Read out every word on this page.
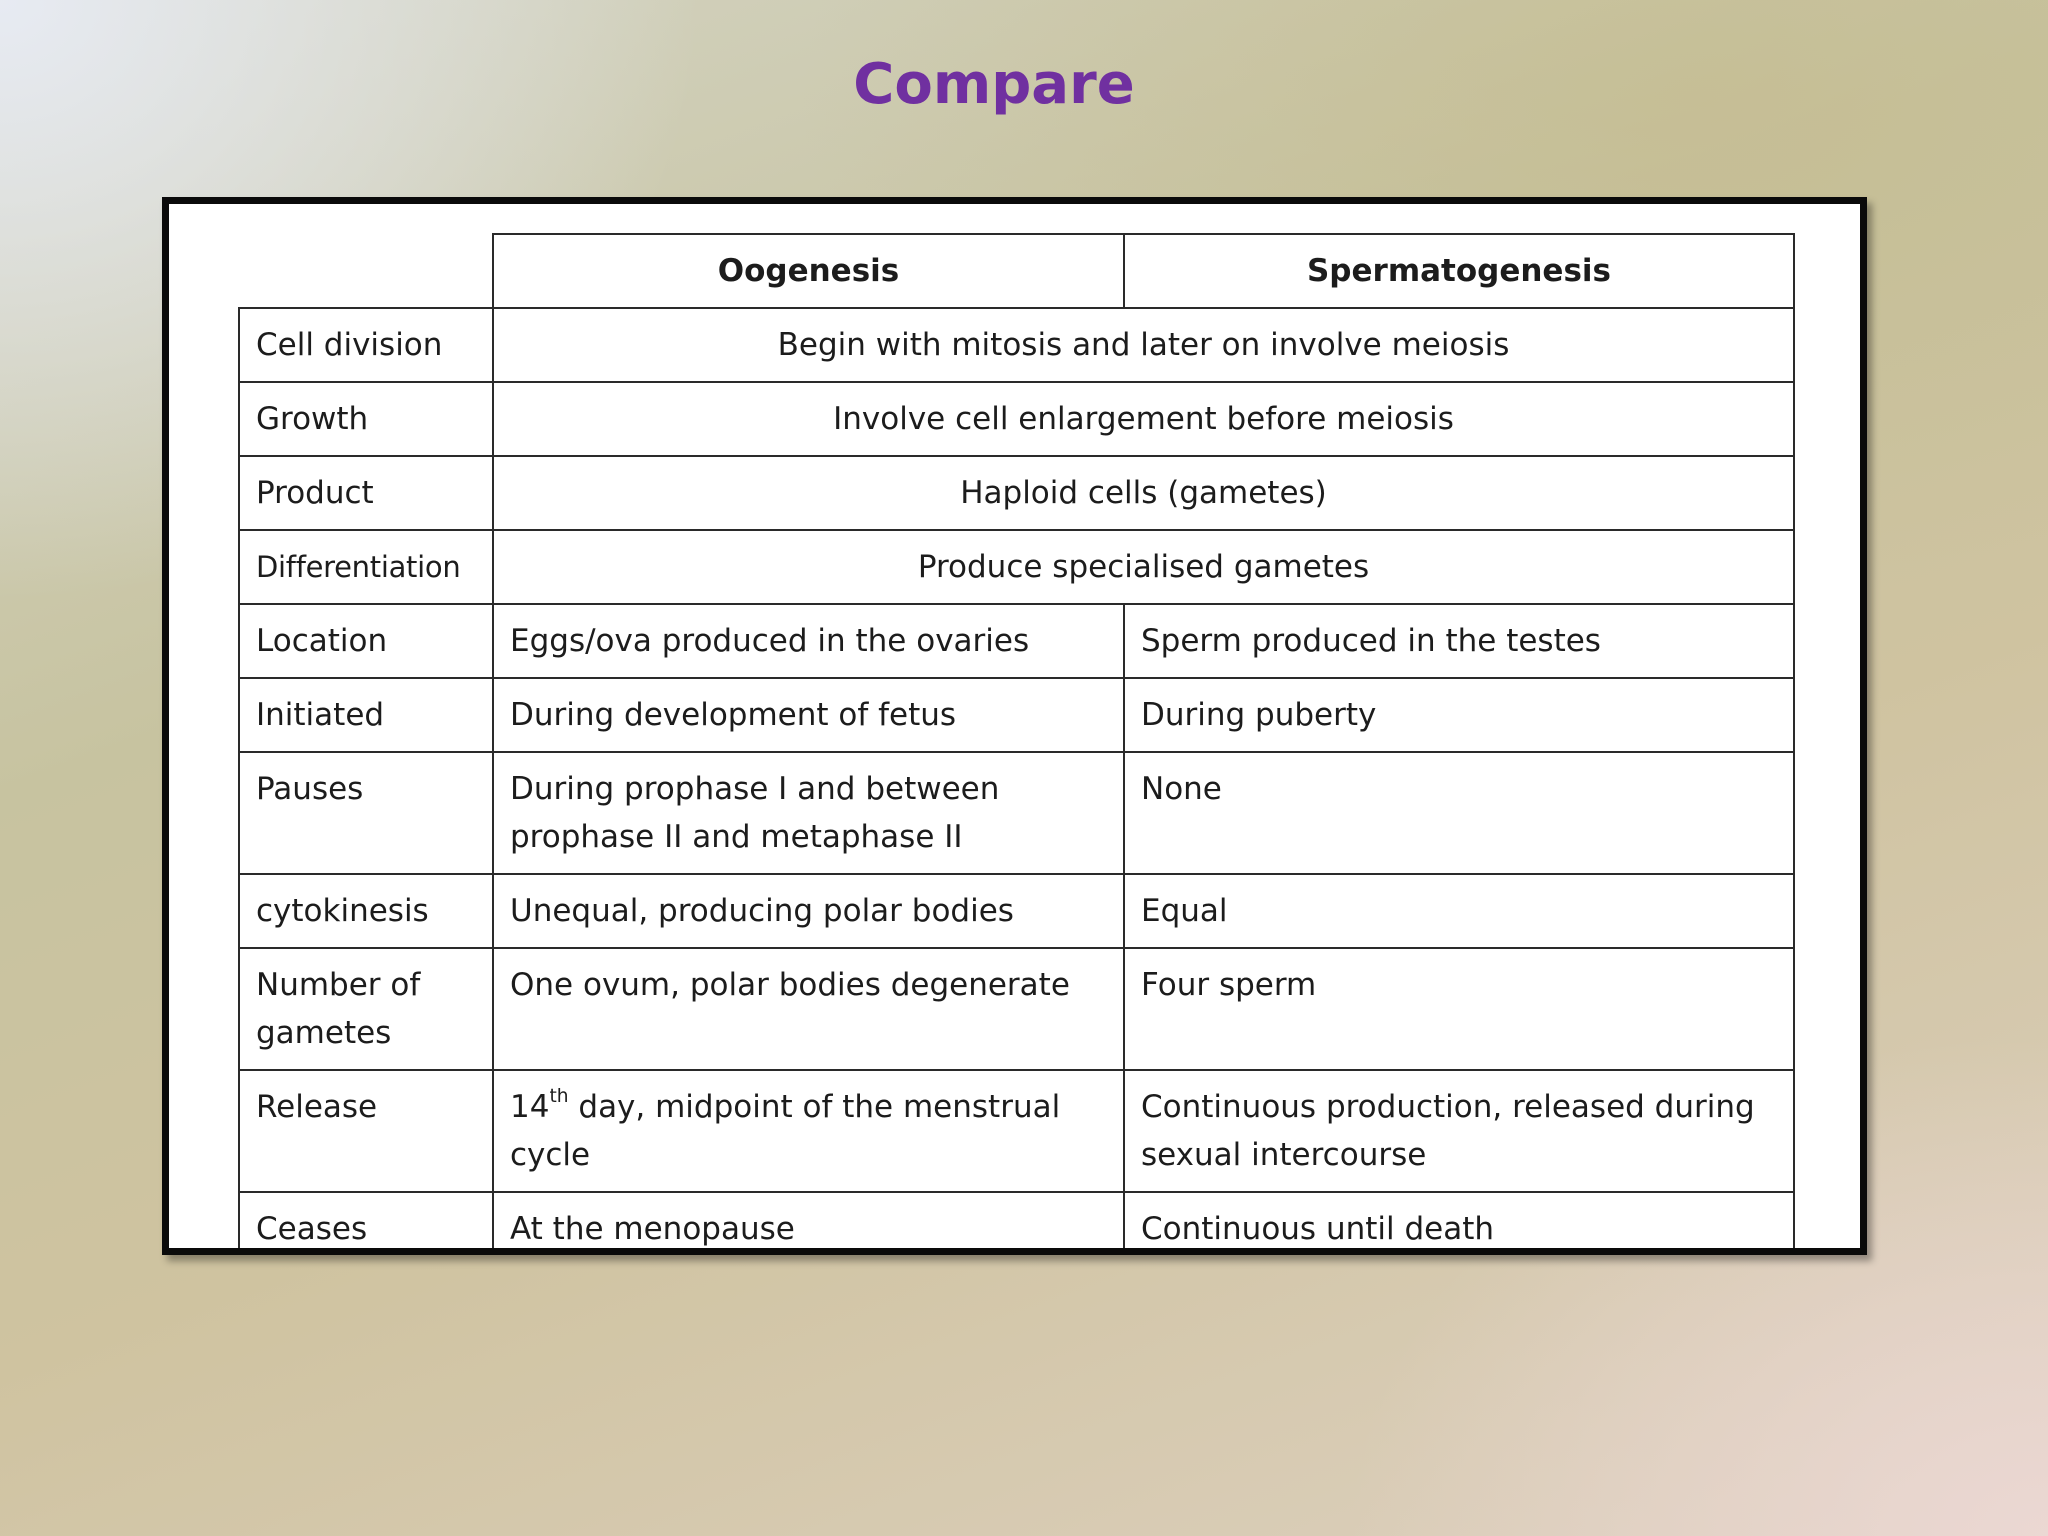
Compare
	Oogenesis	Spermatogenesis
Cell division	Begin with mitosis and later on involve meiosis	
Growth	Involve cell enlargement before meiosis	
Product	Haploid cells (gametes)	
Differentiation	Produce specialised gametes	
Location	Eggs/ova produced in the ovaries	Sperm produced in the testes
Initiated	During development of fetus	During puberty
Pauses	During prophase I and between prophase II and metaphase II	None
cytokinesis	Unequal, producing polar bodies	Equal
Number of gametes	One ovum, polar bodies degenerate	Four sperm
Release	14th day, midpoint of the menstrual cycle	Continuous production, released during sexual intercourse
Ceases	At the menopause	Continuous until death
